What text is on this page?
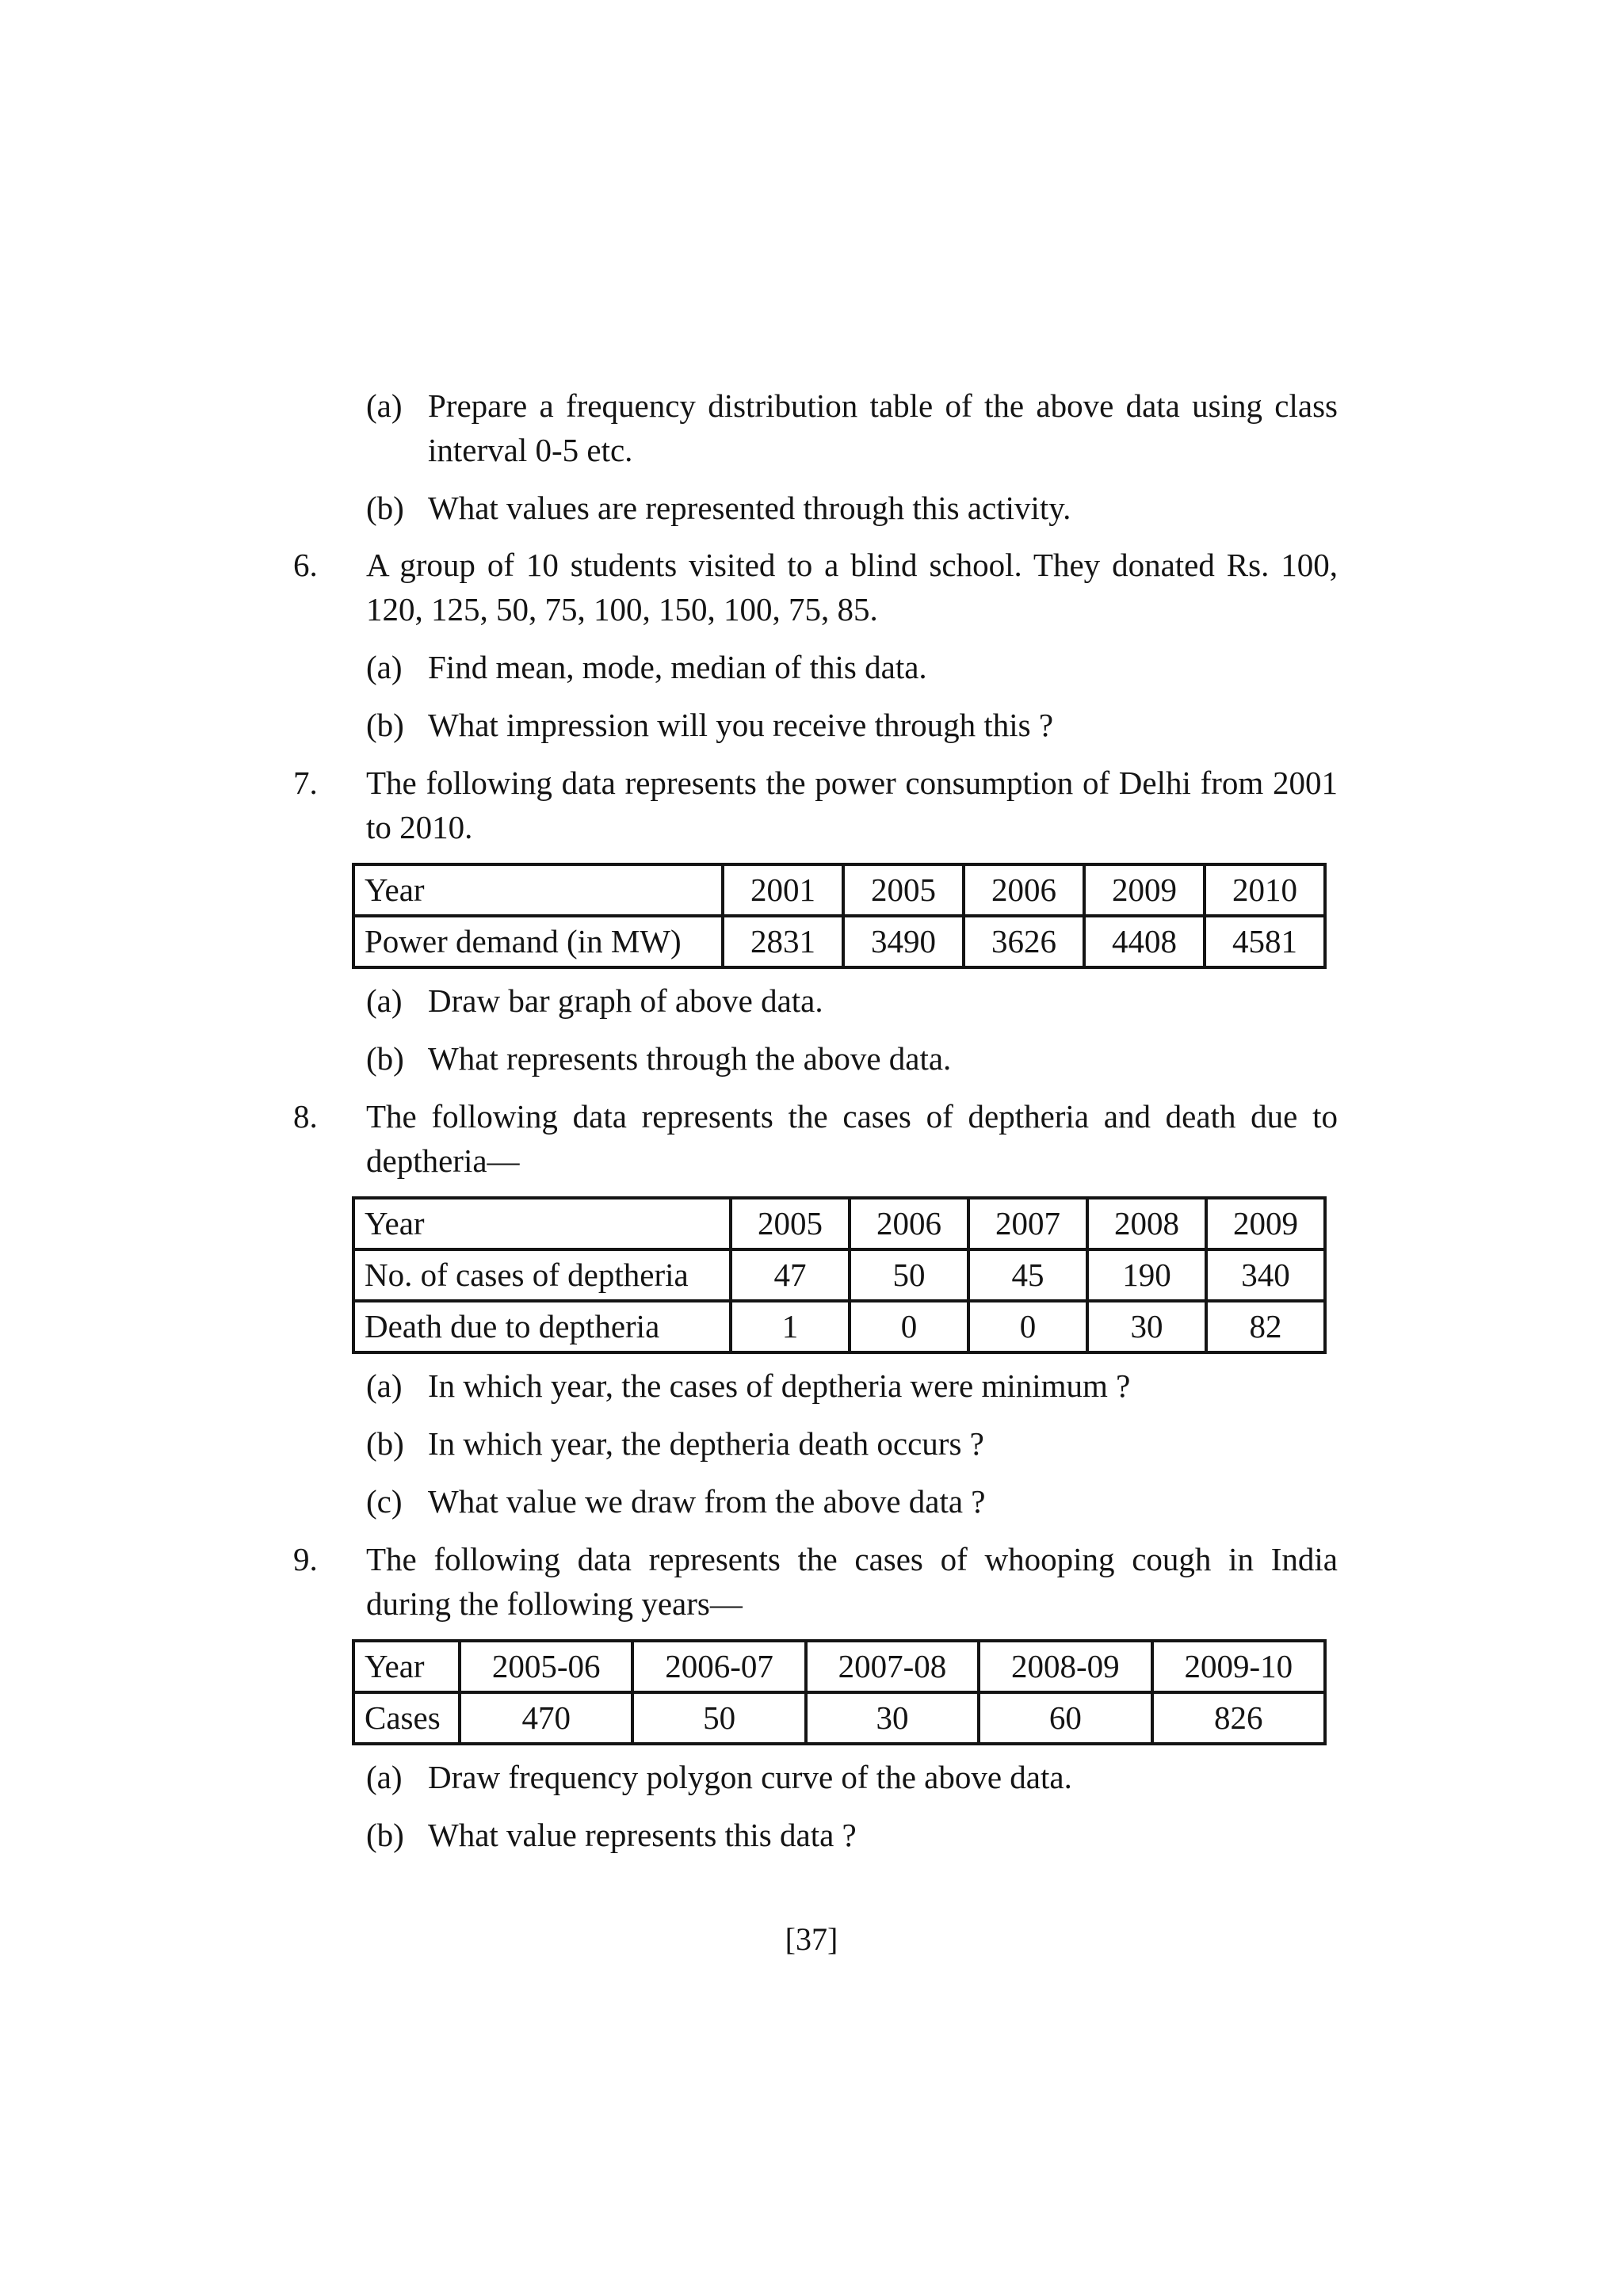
(a) Prepare a frequency distribution table of the above data using class interval 0-5 etc.
(b) What values are represented through this activity.
6. A group of 10 students visited to a blind school. They donated Rs. 100, 120, 125, 50, 75, 100, 150, 100, 75, 85.
(a) Find mean, mode, median of this data.
(b) What impression will you receive through this ?
7. The following data represents the power consumption of Delhi from 2001 to 2010.
Year	2001	2005	2006	2009	2010
Power demand (in MW)	2831	3490	3626	4408	4581
(a) Draw bar graph of above data.
(b) What represents through the above data.
8. The following data represents the cases of deptheria and death due to deptheria—
Year	2005	2006	2007	2008	2009
No. of cases of deptheria	47	50	45	190	340
Death due to deptheria	1	0	0	30	82
(a) In which year, the cases of deptheria were minimum ?
(b) In which year, the deptheria death occurs ?
(c) What value we draw from the above data ?
9. The following data represents the cases of whooping cough in India during the following years—
Year	2005-06	2006-07	2007-08	2008-09	2009-10
Cases	470	50	30	60	826
(a) Draw frequency polygon curve of the above data.
(b) What value represents this data ?
[37]
